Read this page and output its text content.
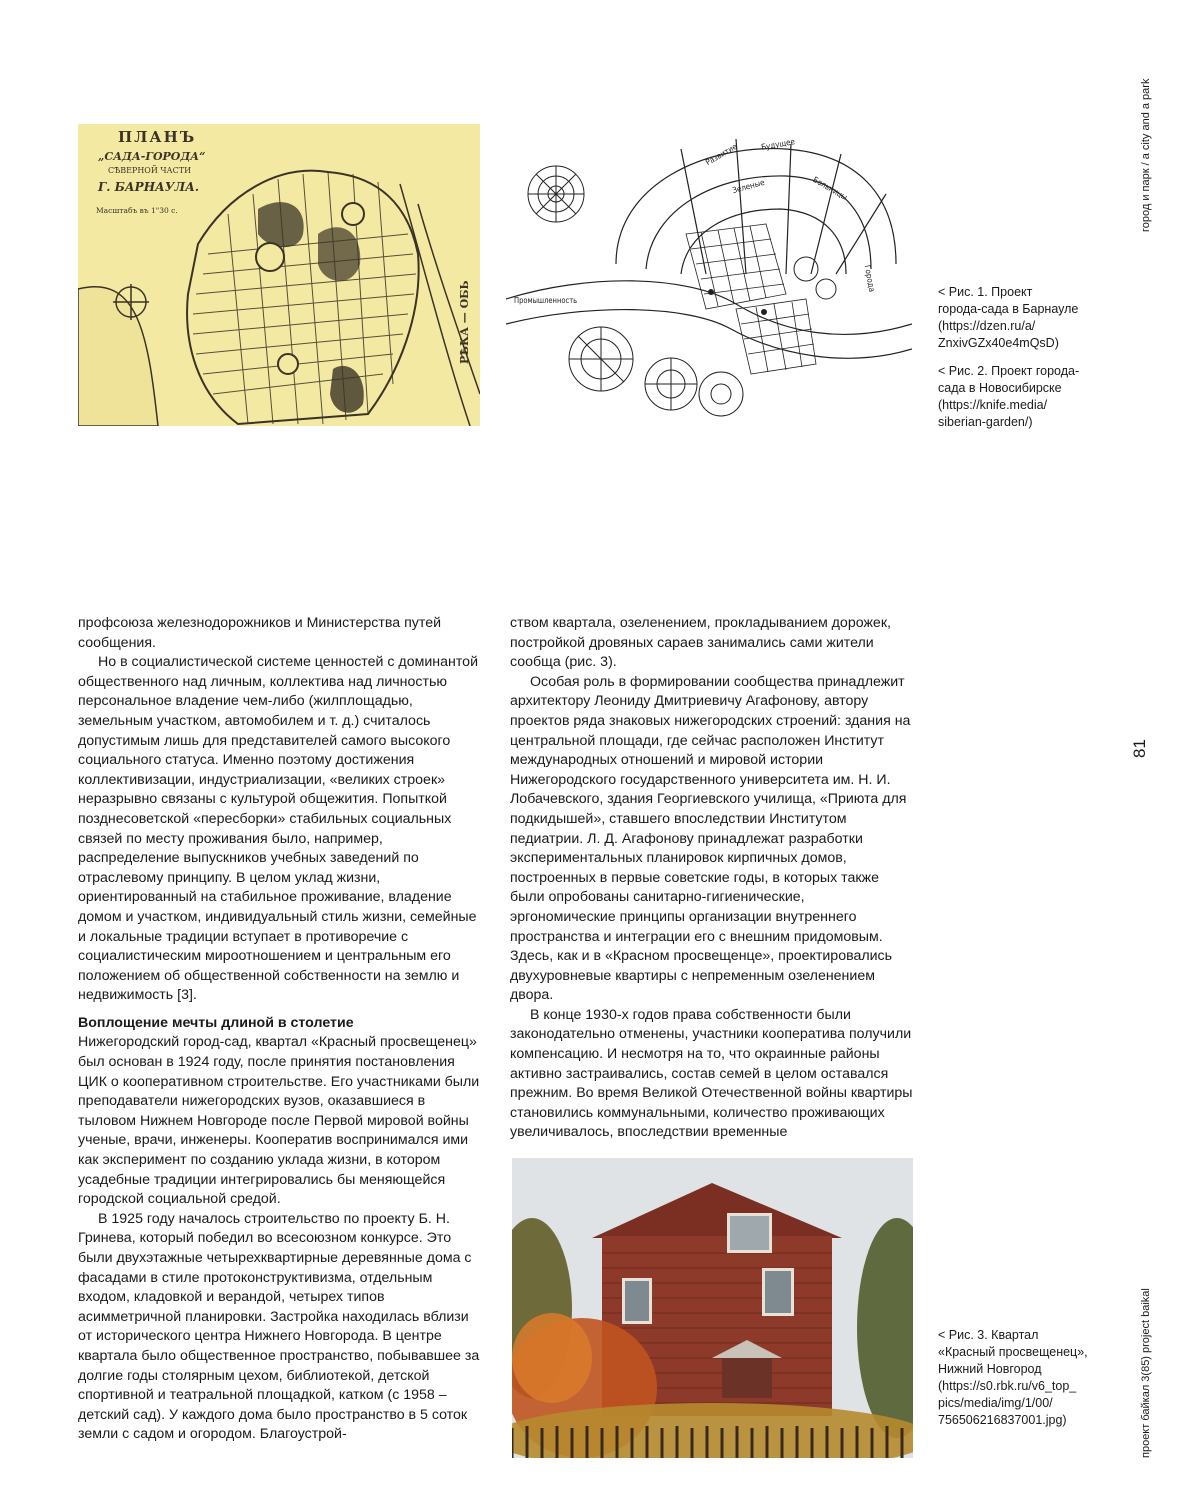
ПЛАНЪ
„САДА-ГОРОДА“
СѢВЕРНОЙ ЧАСТИ
Г. БАРНАУЛА.
Масштабъ въ 1"30 с.
РѢКА — ОБЬ
Развитие	Будущее
Зеленые	Больницы
Промышленность
Города	< Рис. 1. Проект
города-сада в Барнауле
(https://dzen.ru/a/
ZnxivGZx40e4mQsD)
< Рис. 2. Проект города-
сада в Новосибирске
(https://knife.media/
siberian-garden/)

профсоюза железнодорожников и Министерства путей сообщения.

Но в социалистической системе ценностей с доминантой общественного над личным, коллектива над личностью персональное владение чем-либо (жилплощадью, земельным участком, автомобилем и т. д.) считалось допустимым лишь для представителей самого высокого социального статуса. Именно поэтому достижения коллективизации, индустриализации, «великих строек» неразрывно связаны с культурой общежития. Попыткой позднесоветской «пересборки» стабильных социальных связей по месту проживания было, например, распределение выпускников учебных заведений по отраслевому принципу. В целом уклад жизни, ориентированный на стабильное проживание, владение домом и участком, индивидуальный стиль жизни, семейные и локальные традиции вступает в противоречие с социалистическим мироотношением и центральным его положением об общественной собственности на землю и недвижимость [3].

Воплощение мечты длиной в столетие

Нижегородский город-сад, квартал «Красный просвещенец» был основан в 1924 году, после принятия постановления ЦИК о кооперативном строительстве. Его участниками были преподаватели нижегородских вузов, оказавшиеся в тыловом Нижнем Новгороде после Первой мировой войны ученые, врачи, инженеры. Кооператив воспринимался ими как эксперимент по созданию уклада жизни, в котором усадебные традиции интегрировались бы меняющейся городской социальной средой.

В 1925 году началось строительство по проекту Б. Н. Гринева, который победил во всесоюзном конкурсе. Это были двухэтажные четырехквартирные деревянные дома с фасадами в стиле протоконструктивизма, отдельным входом, кладовкой и верандой, четырех типов асимметричной планировки. Застройка находилась вблизи от исторического центра Нижнего Новгорода. В центре квартала было общественное пространство, побывавшее за долгие годы столярным цехом, библиотекой, детской спортивной и театральной площадкой, катком (с 1958 – детский сад). У каждого дома было пространство в 5 соток земли с садом и огородом. Благоустрой-

ством квартала, озеленением, прокладыванием дорожек, постройкой дровяных сараев занимались сами жители сообща (рис. 3).

Особая роль в формировании сообщества принадлежит архитектору Леониду Дмитриевичу Агафонову, автору проектов ряда знаковых нижегородских строений: здания на центральной площади, где сейчас расположен Институт международных отношений и мировой истории Нижегородского государственного университета им. Н. И. Лобачевского, здания Георгиевского училища, «Приюта для подкидышей», ставшего впоследствии Институтом педиатрии. Л. Д. Агафонову принадлежат разработки экспериментальных планировок кирпичных домов, построенных в первые советские годы, в которых также были опробованы санитарно-гигиенические, эргономические принципы организации внутреннего пространства и интеграции его с внешним придомовым. Здесь, как и в «Красном просвещенце», проектировались двухуровневые квартиры с непременным озеленением двора.

В конце 1930-х годов права собственности были законодательно отменены, участники кооператива получили компенсацию. И несмотря на то, что окраинные районы активно застраивались, состав семей в целом оставался прежним. Во время Великой Отечественной войны квартиры становились коммунальными, количество проживающих увеличивалось, впоследствии временные

< Рис. 3. Квартал
«Красный просвещенец»,
Нижний Новгород
(https://s0.rbk.ru/v6_top_
pics/media/img/1/00/
756506216837001.jpg)
город и парк / a city and a park
81
проект байкал 3(85) project baikal
